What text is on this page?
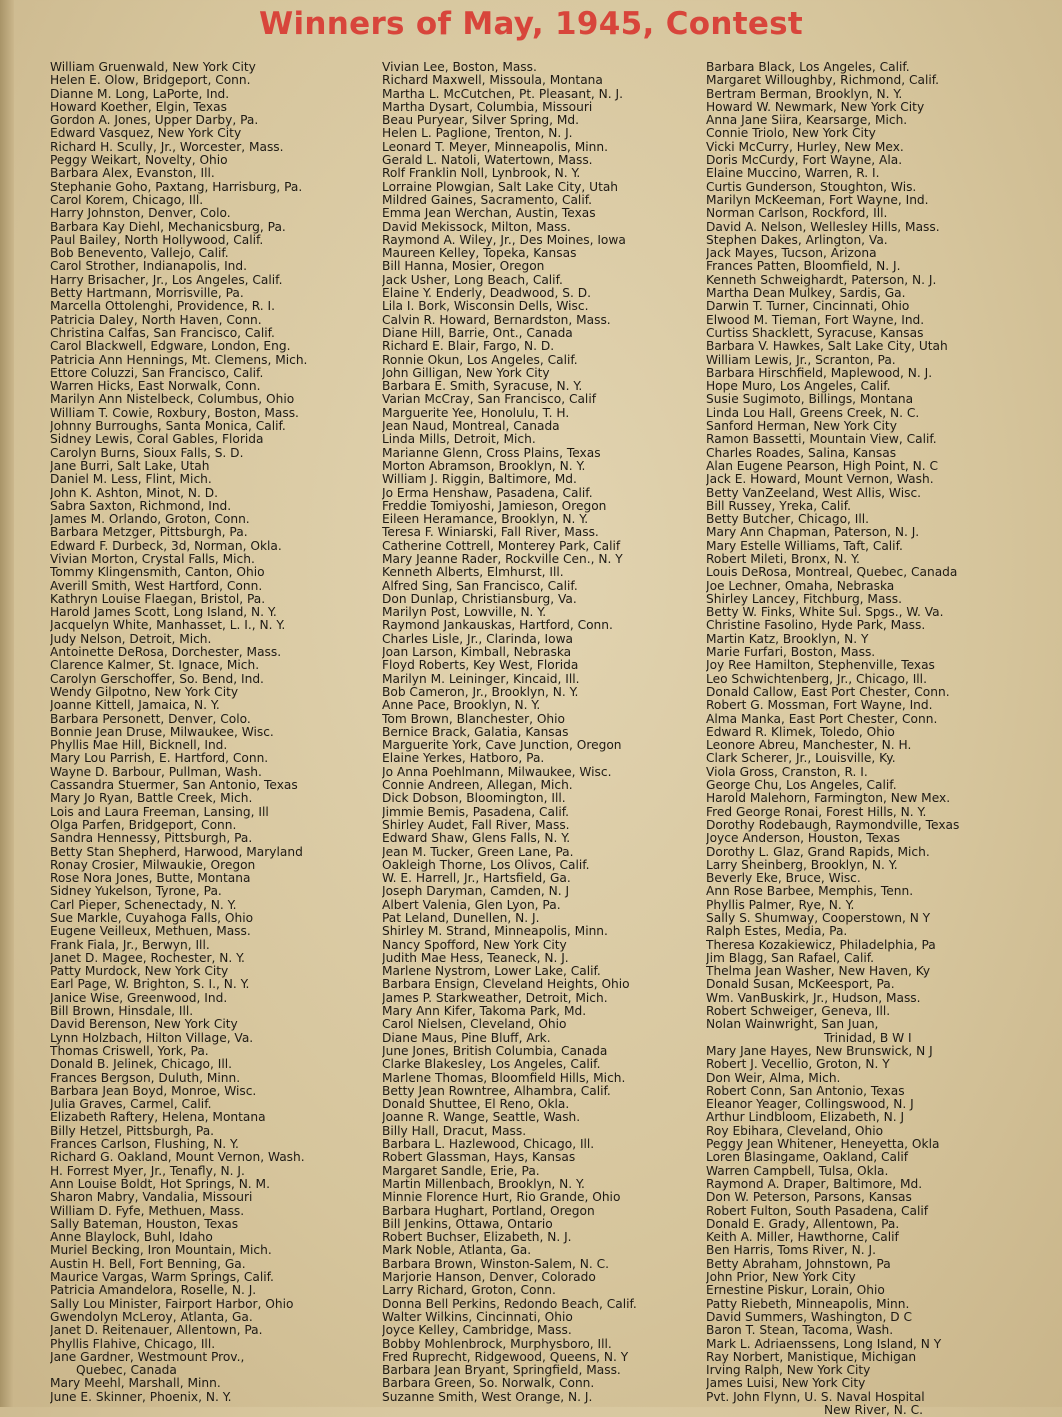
Winners of May, 1945, Contest
William Gruenwald, New York City
Helen E. Olow, Bridgeport, Conn.
Dianne M. Long, LaPorte, Ind.
Howard Koether, Elgin, Texas
Gordon A. Jones, Upper Darby, Pa.
Edward Vasquez, New York City
Richard H. Scully, Jr., Worcester, Mass.
Peggy Weikart, Novelty, Ohio
Barbara Alex, Evanston, Ill.
Stephanie Goho, Paxtang, Harrisburg, Pa.
Carol Korem, Chicago, Ill.
Harry Johnston, Denver, Colo.
Barbara Kay Diehl, Mechanicsburg, Pa.
Paul Bailey, North Hollywood, Calif.
Bob Benevento, Vallejo, Calif.
Carol Strother, Indianapolis, Ind.
Harry Brisacher, Jr., Los Angeles, Calif.
Betty Hartmann, Morrisville, Pa.
Marcella Ottolenghi, Providence, R. I.
Patricia Daley, North Haven, Conn.
Christina Calfas, San Francisco, Calif.
Carol Blackwell, Edgware, London, Eng.
Patricia Ann Hennings, Mt. Clemens, Mich.
Ettore Coluzzi, San Francisco, Calif.
Warren Hicks, East Norwalk, Conn.
Marilyn Ann Nistelbeck, Columbus, Ohio
William T. Cowie, Roxbury, Boston, Mass.
Johnny Burroughs, Santa Monica, Calif.
Sidney Lewis, Coral Gables, Florida
Carolyn Burns, Sioux Falls, S. D.
Jane Burri, Salt Lake, Utah
Daniel M. Less, Flint, Mich.
John K. Ashton, Minot, N. D.
Sabra Saxton, Richmond, Ind.
James M. Orlando, Groton, Conn.
Barbara Metzger, Pittsburgh, Pa.
Edward F. Durbeck, 3d, Norman, Okla.
Vivian Morton, Crystal Falls, Mich.
Tommy Klingensmith, Canton, Ohio
Averill Smith, West Hartford, Conn.
Kathryn Louise Flaegan, Bristol, Pa.
Harold James Scott, Long Island, N. Y.
Jacquelyn White, Manhasset, L. I., N. Y.
Judy Nelson, Detroit, Mich.
Antoinette DeRosa, Dorchester, Mass.
Clarence Kalmer, St. Ignace, Mich.
Carolyn Gerschoffer, So. Bend, Ind.
Wendy Gilpotno, New York City
Joanne Kittell, Jamaica, N. Y.
Barbara Personett, Denver, Colo.
Bonnie Jean Druse, Milwaukee, Wisc.
Phyllis Mae Hill, Bicknell, Ind.
Mary Lou Parrish, E. Hartford, Conn.
Wayne D. Barbour, Pullman, Wash.
Cassandra Stuermer, San Antonio, Texas
Mary Jo Ryan, Battle Creek, Mich.
Lois and Laura Freeman, Lansing, Ill
Olga Parfen, Bridgeport, Conn.
Sandra Hennessy, Pittsburgh, Pa.
Betty Stan Shepherd, Harwood, Maryland
Ronay Crosier, Milwaukie, Oregon
Rose Nora Jones, Butte, Montana
Sidney Yukelson, Tyrone, Pa.
Carl Pieper, Schenectady, N. Y.
Sue Markle, Cuyahoga Falls, Ohio
Eugene Veilleux, Methuen, Mass.
Frank Fiala, Jr., Berwyn, Ill.
Janet D. Magee, Rochester, N. Y.
Patty Murdock, New York City
Earl Page, W. Brighton, S. I., N. Y.
Janice Wise, Greenwood, Ind.
Bill Brown, Hinsdale, Ill.
David Berenson, New York City
Lynn Holzbach, Hilton Village, Va.
Thomas Criswell, York, Pa.
Donald B. Jelinek, Chicago, Ill.
Frances Bergson, Duluth, Minn.
Barbara Jean Boyd, Monroe, Wisc.
Julia Graves, Carmel, Calif.
Elizabeth Raftery, Helena, Montana
Billy Hetzel, Pittsburgh, Pa.
Frances Carlson, Flushing, N. Y.
Richard G. Oakland, Mount Vernon, Wash.
H. Forrest Myer, Jr., Tenafly, N. J.
Ann Louise Boldt, Hot Springs, N. M.
Sharon Mabry, Vandalia, Missouri
William D. Fyfe, Methuen, Mass.
Sally Bateman, Houston, Texas
Anne Blaylock, Buhl, Idaho
Muriel Becking, Iron Mountain, Mich.
Austin H. Bell, Fort Benning, Ga.
Maurice Vargas, Warm Springs, Calif.
Patricia Amandelora, Roselle, N. J.
Sally Lou Minister, Fairport Harbor, Ohio
Gwendolyn McLeroy, Atlanta, Ga.
Janet D. Reitenauer, Allentown, Pa.
Phyllis Flahive, Chicago, Ill.
Jane Gardner, Westmount Prov.,
Quebec, Canada
Mary Meehl, Marshall, Minn.
June E. Skinner, Phoenix, N. Y.
Vivian Lee, Boston, Mass.
Richard Maxwell, Missoula, Montana
Martha L. McCutchen, Pt. Pleasant, N. J.
Martha Dysart, Columbia, Missouri
Beau Puryear, Silver Spring, Md.
Helen L. Paglione, Trenton, N. J.
Leonard T. Meyer, Minneapolis, Minn.
Gerald L. Natoli, Watertown, Mass.
Rolf Franklin Noll, Lynbrook, N. Y.
Lorraine Plowgian, Salt Lake City, Utah
Mildred Gaines, Sacramento, Calif.
Emma Jean Werchan, Austin, Texas
David Mekissock, Milton, Mass.
Raymond A. Wiley, Jr., Des Moines, Iowa
Maureen Kelley, Topeka, Kansas
Bill Hanna, Mosier, Oregon
Jack Usher, Long Beach, Calif.
Elaine Y. Enderly, Deadwood, S. D.
Lila I. Bork, Wisconsin Dells, Wisc.
Calvin R. Howard, Bernardston, Mass.
Diane Hill, Barrie, Ont., Canada
Richard E. Blair, Fargo, N. D.
Ronnie Okun, Los Angeles, Calif.
John Gilligan, New York City
Barbara E. Smith, Syracuse, N. Y.
Varian McCray, San Francisco, Calif
Marguerite Yee, Honolulu, T. H.
Jean Naud, Montreal, Canada
Linda Mills, Detroit, Mich.
Marianne Glenn, Cross Plains, Texas
Morton Abramson, Brooklyn, N. Y.
William J. Riggin, Baltimore, Md.
Jo Erma Henshaw, Pasadena, Calif.
Freddie Tomiyoshi, Jamieson, Oregon
Eileen Heramance, Brooklyn, N. Y.
Teresa F. Winiarski, Fall River, Mass.
Catherine Cottrell, Monterey Park, Calif
Mary Jeanne Rader, Rockville Cen., N. Y
Kenneth Alberts, Elmhurst, Ill.
Alfred Sing, San Francisco, Calif.
Don Dunlap, Christiansburg, Va.
Marilyn Post, Lowville, N. Y.
Raymond Jankauskas, Hartford, Conn.
Charles Lisle, Jr., Clarinda, Iowa
Joan Larson, Kimball, Nebraska
Floyd Roberts, Key West, Florida
Marilyn M. Leininger, Kincaid, Ill.
Bob Cameron, Jr., Brooklyn, N. Y.
Anne Pace, Brooklyn, N. Y.
Tom Brown, Blanchester, Ohio
Bernice Brack, Galatia, Kansas
Marguerite York, Cave Junction, Oregon
Elaine Yerkes, Hatboro, Pa.
Jo Anna Poehlmann, Milwaukee, Wisc.
Connie Andreen, Allegan, Mich.
Dick Dobson, Bloomington, Ill.
Jimmie Bemis, Pasadena, Calif.
Shirley Audet, Fall River, Mass.
Edward Shaw, Glens Falls, N. Y.
Jean M. Tucker, Green Lane, Pa.
Oakleigh Thorne, Los Olivos, Calif.
W. E. Harrell, Jr., Hartsfield, Ga.
Joseph Daryman, Camden, N. J
Albert Valenia, Glen Lyon, Pa.
Pat Leland, Dunellen, N. J.
Shirley M. Strand, Minneapolis, Minn.
Nancy Spofford, New York City
Judith Mae Hess, Teaneck, N. J.
Marlene Nystrom, Lower Lake, Calif.
Barbara Ensign, Cleveland Heights, Ohio
James P. Starkweather, Detroit, Mich.
Mary Ann Kifer, Takoma Park, Md.
Carol Nielsen, Cleveland, Ohio
Diane Maus, Pine Bluff, Ark.
June Jones, British Columbia, Canada
Clarke Blakesley, Los Angeles, Calif.
Marlene Thomas, Bloomfield Hills, Mich.
Betty Jean Rowntree, Alhambra, Calif.
Donald Shuttee, El Reno, Okla.
Joanne R. Wange, Seattle, Wash.
Billy Hall, Dracut, Mass.
Barbara L. Hazlewood, Chicago, Ill.
Robert Glassman, Hays, Kansas
Margaret Sandle, Erie, Pa.
Martin Millenbach, Brooklyn, N. Y.
Minnie Florence Hurt, Rio Grande, Ohio
Barbara Hughart, Portland, Oregon
Bill Jenkins, Ottawa, Ontario
Robert Buchser, Elizabeth, N. J.
Mark Noble, Atlanta, Ga.
Barbara Brown, Winston-Salem, N. C.
Marjorie Hanson, Denver, Colorado
Larry Richard, Groton, Conn.
Donna Bell Perkins, Redondo Beach, Calif.
Walter Wilkins, Cincinnati, Ohio
Joyce Kelley, Cambridge, Mass.
Bobby Mohlenbrock, Murphysboro, Ill.
Fred Ruprecht, Ridgewood, Queens, N. Y
Barbara Jean Bryant, Springfield, Mass.
Barbara Green, So. Norwalk, Conn.
Suzanne Smith, West Orange, N. J.
Barbara Black, Los Angeles, Calif.
Margaret Willoughby, Richmond, Calif.
Bertram Berman, Brooklyn, N. Y.
Howard W. Newmark, New York City
Anna Jane Siira, Kearsarge, Mich.
Connie Triolo, New York City
Vicki McCurry, Hurley, New Mex.
Doris McCurdy, Fort Wayne, Ala.
Elaine Muccino, Warren, R. I.
Curtis Gunderson, Stoughton, Wis.
Marilyn McKeeman, Fort Wayne, Ind.
Norman Carlson, Rockford, Ill.
David A. Nelson, Wellesley Hills, Mass.
Stephen Dakes, Arlington, Va.
Jack Mayes, Tucson, Arizona
Frances Patten, Bloomfield, N. J.
Kenneth Schweighardt, Paterson, N. J.
Martha Dean Mulkey, Sardis, Ga.
Darwin T. Turner, Cincinnati, Ohio
Elwood M. Tieman, Fort Wayne, Ind.
Curtiss Shacklett, Syracuse, Kansas
Barbara V. Hawkes, Salt Lake City, Utah
William Lewis, Jr., Scranton, Pa.
Barbara Hirschfield, Maplewood, N. J.
Hope Muro, Los Angeles, Calif.
Susie Sugimoto, Billings, Montana
Linda Lou Hall, Greens Creek, N. C.
Sanford Herman, New York City
Ramon Bassetti, Mountain View, Calif.
Charles Roades, Salina, Kansas
Alan Eugene Pearson, High Point, N. C
Jack E. Howard, Mount Vernon, Wash.
Betty VanZeeland, West Allis, Wisc.
Bill Russey, Yreka, Calif.
Betty Butcher, Chicago, Ill.
Mary Ann Chapman, Paterson, N. J.
Mary Estelle Williams, Taft, Calif.
Robert Mileti, Bronx, N. Y.
Louis DeRosa, Montreal, Quebec, Canada
Joe Lechner, Omaha, Nebraska
Shirley Lancey, Fitchburg, Mass.
Betty W. Finks, White Sul. Spgs., W. Va.
Christine Fasolino, Hyde Park, Mass.
Martin Katz, Brooklyn, N. Y
Marie Furfari, Boston, Mass.
Joy Ree Hamilton, Stephenville, Texas
Leo Schwichtenberg, Jr., Chicago, Ill.
Donald Callow, East Port Chester, Conn.
Robert G. Mossman, Fort Wayne, Ind.
Alma Manka, East Port Chester, Conn.
Edward R. Klimek, Toledo, Ohio
Leonore Abreu, Manchester, N. H.
Clark Scherer, Jr., Louisville, Ky.
Viola Gross, Cranston, R. I.
George Chu, Los Angeles, Calif.
Harold Malehorn, Farmington, New Mex.
Fred George Ronai, Forest Hills, N. Y.
Dorothy Rodebaugh, Raymondville, Texas
Joyce Anderson, Houston, Texas
Dorothy L. Glaz, Grand Rapids, Mich.
Larry Sheinberg, Brooklyn, N. Y.
Beverly Eke, Bruce, Wisc.
Ann Rose Barbee, Memphis, Tenn.
Phyllis Palmer, Rye, N. Y.
Sally S. Shumway, Cooperstown, N Y
Ralph Estes, Media, Pa.
Theresa Kozakiewicz, Philadelphia, Pa
Jim Blagg, San Rafael, Calif.
Thelma Jean Washer, New Haven, Ky
Donald Susan, McKeesport, Pa.
Wm. VanBuskirk, Jr., Hudson, Mass.
Robert Schweiger, Geneva, Ill.
Nolan Wainwright, San Juan,
Trinidad, B W I
Mary Jane Hayes, New Brunswick, N J
Robert J. Vecellio, Groton, N. Y
Don Weir, Alma, Mich.
Robert Conn, San Antonio, Texas
Eleanor Yeager, Collingswood, N. J
Arthur Lindbloom, Elizabeth, N. J
Roy Ebihara, Cleveland, Ohio
Peggy Jean Whitener, Heneyetta, Okla
Loren Blasingame, Oakland, Calif
Warren Campbell, Tulsa, Okla.
Raymond A. Draper, Baltimore, Md.
Don W. Peterson, Parsons, Kansas
Robert Fulton, South Pasadena, Calif
Donald E. Grady, Allentown, Pa.
Keith A. Miller, Hawthorne, Calif
Ben Harris, Toms River, N. J.
Betty Abraham, Johnstown, Pa
John Prior, New York City
Ernestine Piskur, Lorain, Ohio
Patty Riebeth, Minneapolis, Minn.
David Summers, Washington, D C
Baron T. Stean, Tacoma, Wash.
Mark L. Adriaenssens, Long Island, N Y
Ray Norbert, Manistique, Michigan
Irving Ralph, New York City
James Luisi, New York City
Pvt. John Flynn, U. S. Naval Hospital
New River, N. C.
